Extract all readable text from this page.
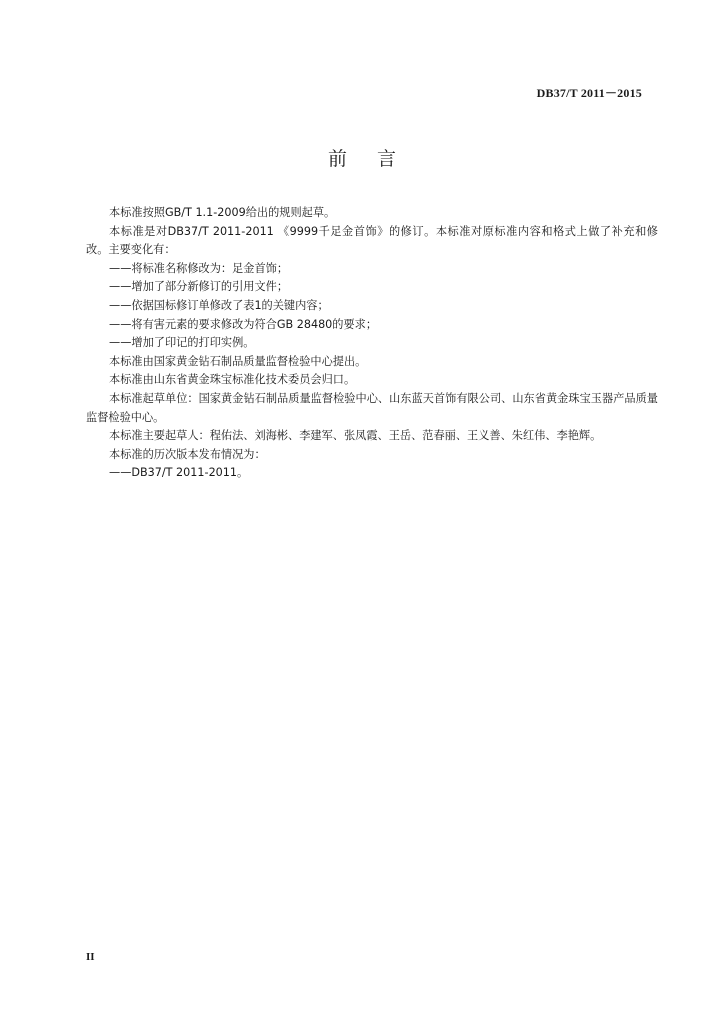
DB37/T 2011－2015
前言

本标准按照GB/T 1.1-2009给出的规则起草。

本标准是对DB37/T 2011-2011 《9999千足金首饰》的修订。本标准对原标准内容和格式上做了补充和修改。主要变化有：

——将标准名称修改为：足金首饰；

——增加了部分新修订的引用文件；

——依据国标修订单修改了表1的关键内容；

——将有害元素的要求修改为符合GB 28480的要求；

——增加了印记的打印实例。

本标准由国家黄金钻石制品质量监督检验中心提出。

本标准由山东省黄金珠宝标准化技术委员会归口。

本标准起草单位：国家黄金钻石制品质量监督检验中心、山东蓝天首饰有限公司、山东省黄金珠宝玉器产品质量监督检验中心。

本标准主要起草人：程佑法、刘海彬、李建军、张凤霞、王岳、范春丽、王义善、朱红伟、李艳辉。

本标准的历次版本发布情况为：

——DB37/T 2011-2011。

II
